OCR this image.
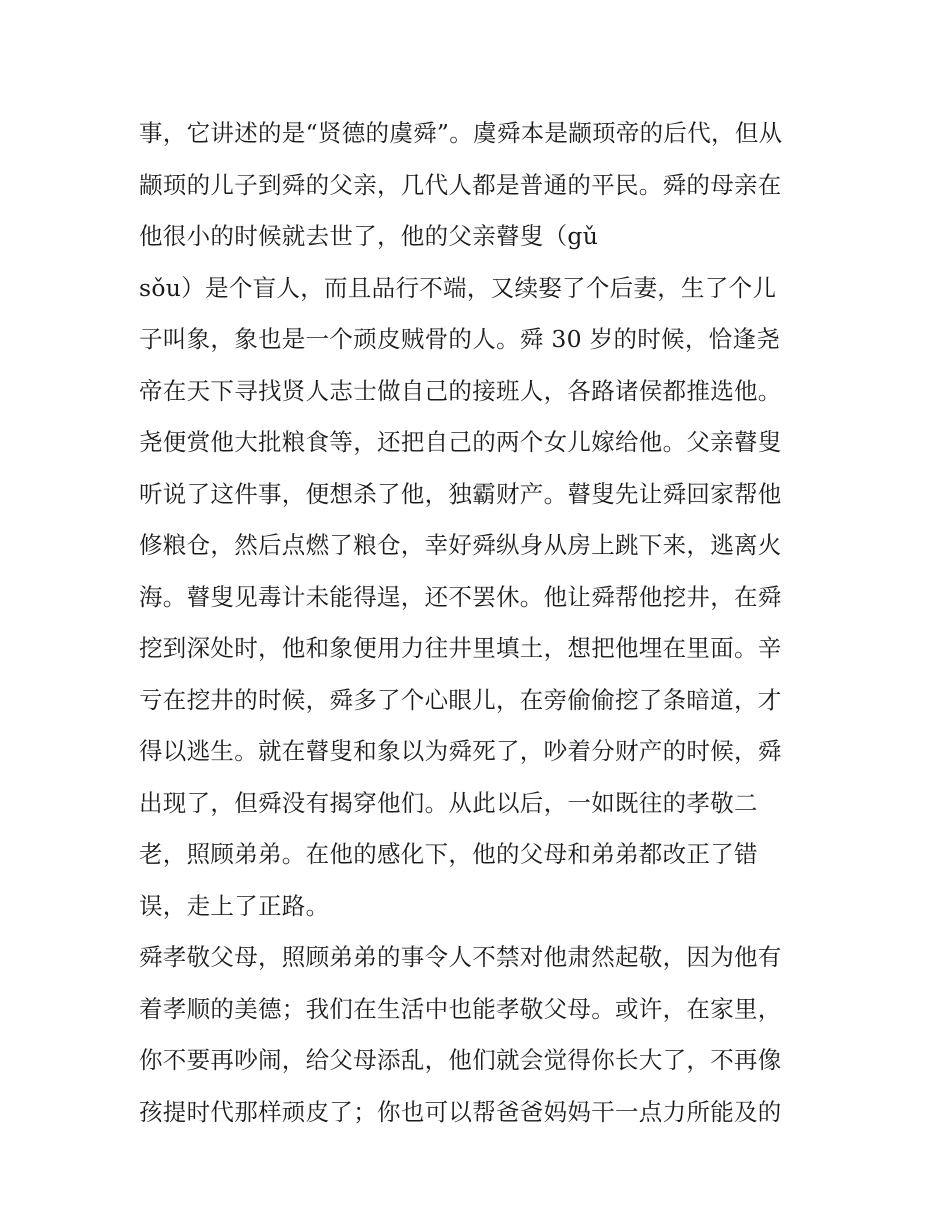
事，它讲述的是“贤德的虞舜”。虞舜本是颛顼帝的后代，但从
颛顼的儿子到舜的父亲，几代人都是普通的平民。舜的母亲在
他很小的时候就去世了，他的父亲瞽叟（gǔ
sǒu）是个盲人，而且品行不端，又续娶了个后妻，生了个儿
子叫象，象也是一个顽皮贼骨的人。舜 30 岁的时候，恰逢尧
帝在天下寻找贤人志士做自己的接班人，各路诸侯都推选他。
尧便赏他大批粮食等，还把自己的两个女儿嫁给他。父亲瞽叟
听说了这件事，便想杀了他，独霸财产。瞽叟先让舜回家帮他
修粮仓，然后点燃了粮仓，幸好舜纵身从房上跳下来，逃离火
海。瞽叟见毒计未能得逞，还不罢休。他让舜帮他挖井，在舜
挖到深处时，他和象便用力往井里填土，想把他埋在里面。辛
亏在挖井的时候，舜多了个心眼儿，在旁偷偷挖了条暗道，才
得以逃生。就在瞽叟和象以为舜死了，吵着分财产的时候，舜
出现了，但舜没有揭穿他们。从此以后，一如既往的孝敬二
老，照顾弟弟。在他的感化下，他的父母和弟弟都改正了错
误，走上了正路。
舜孝敬父母，照顾弟弟的事令人不禁对他肃然起敬，因为他有
着孝顺的美德；我们在生活中也能孝敬父母。或许，在家里，
你不要再吵闹，给父母添乱，他们就会觉得你长大了，不再像
孩提时代那样顽皮了；你也可以帮爸爸妈妈干一点力所能及的
